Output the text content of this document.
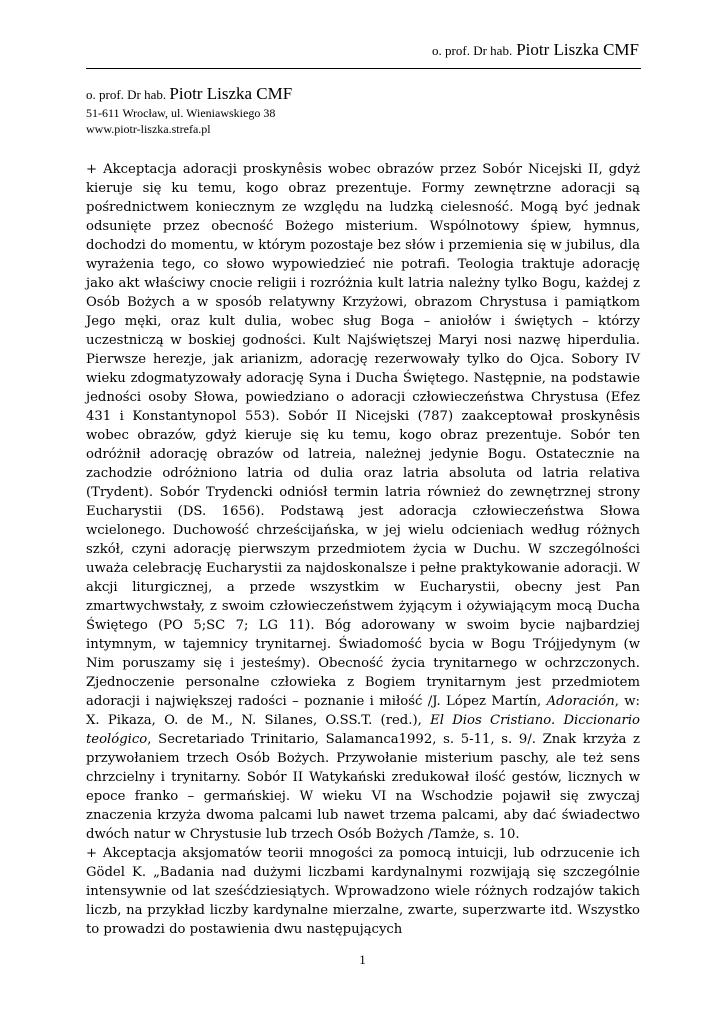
o. prof. Dr hab. Piotr Liszka CMF
o. prof. Dr hab. Piotr Liszka CMF
51-611 Wrocław, ul. Wieniawskiego 38
www.piotr-liszka.strefa.pl

+ Akceptacja adoracji proskynêsis wobec obrazów przez Sobór Nicejski II, gdyż kieruje się ku temu, kogo obraz prezentuje. Formy zewnętrzne adoracji są pośrednictwem koniecznym ze względu na ludzką cielesność. Mogą być jednak odsunięte przez obecność Bożego misterium. Wspólnotowy śpiew, hymnus, dochodzi do momentu, w którym pozostaje bez słów i przemienia się w jubilus, dla wyrażenia tego, co słowo wypowiedzieć nie potrafi. Teologia traktuje adorację jako akt właściwy cnocie religii i rozróżnia kult latria należny tylko Bogu, każdej z Osób Bożych a w sposób relatywny Krzyżowi, obrazom Chrystusa i pamiątkom Jego męki, oraz kult dulia, wobec sług Boga – aniołów i świętych – którzy uczestniczą w boskiej godności. Kult Najświętszej Maryi nosi nazwę hiperdulia. Pierwsze herezje, jak arianizm, adorację rezerwowały tylko do Ojca. Sobory IV wieku zdogmatyzowały adorację Syna i Ducha Świętego. Następnie, na podstawie jedności osoby Słowa, powiedziano o adoracji człowieczeństwa Chrystusa (Efez 431 i Konstantynopol 553). Sobór II Nicejski (787) zaakceptował proskynêsis wobec obrazów, gdyż kieruje się ku temu, kogo obraz prezentuje. Sobór ten odróżnił adorację obrazów od latreia, należnej jedynie Bogu. Ostatecznie na zachodzie odróżniono latria od dulia oraz latria absoluta od latria relativa (Trydent). Sobór Trydencki odniósł termin latria również do zewnętrznej strony Eucharystii (DS. 1656). Podstawą jest adoracja człowieczeństwa Słowa wcielonego. Duchowość chrześcijańska, w jej wielu odcieniach według różnych szkół, czyni adorację pierwszym przedmiotem życia w Duchu. W szczególności uważa celebrację Eucharystii za najdoskonalsze i pełne praktykowanie adoracji. W akcji liturgicznej, a przede wszystkim w Eucharystii, obecny jest Pan zmartwychwstały, z swoim człowieczeństwem żyjącym i ożywiającym mocą Ducha Świętego (PO 5;SC 7; LG 11). Bóg adorowany w swoim bycie najbardziej intymnym, w tajemnicy trynitarnej. Świadomość bycia w Bogu Trójjedynym (w Nim poruszamy się i jesteśmy). Obecność życia trynitarnego w ochrzczonych. Zjednoczenie personalne człowieka z Bogiem trynitarnym jest przedmiotem adoracji i największej radości – poznanie i miłość /J. López Martín, Adoración, w: X. Pikaza, O. de M., N. Silanes, O.SS.T. (red.), El Dios Cristiano. Diccionario teológico, Secretariado Trinitario, Salamanca1992, s. 5-11, s. 9/. Znak krzyża z przywołaniem trzech Osób Bożych. Przywołanie misterium paschy, ale też sens chrzcielny i trynitarny. Sobór II Watykański zredukował ilość gestów, licznych w epoce franko – germańskiej. W wieku VI na Wschodzie pojawił się zwyczaj znaczenia krzyża dwoma palcami lub nawet trzema palcami, aby dać świadectwo dwóch natur w Chrystusie lub trzech Osób Bożych /Tamże, s. 10.

+ Akceptacja aksjomatów teorii mnogości za pomocą intuicji, lub odrzucenie ich Gödel K. „Badania nad dużymi liczbami kardynalnymi rozwijają się szczególnie intensywnie od lat sześćdziesiątych. Wprowadzono wiele różnych rodzajów takich liczb, na przykład liczby kardynalne mierzalne, zwarte, superzwarte itd. Wszystko to prowadzi do postawienia dwu następujących

1
